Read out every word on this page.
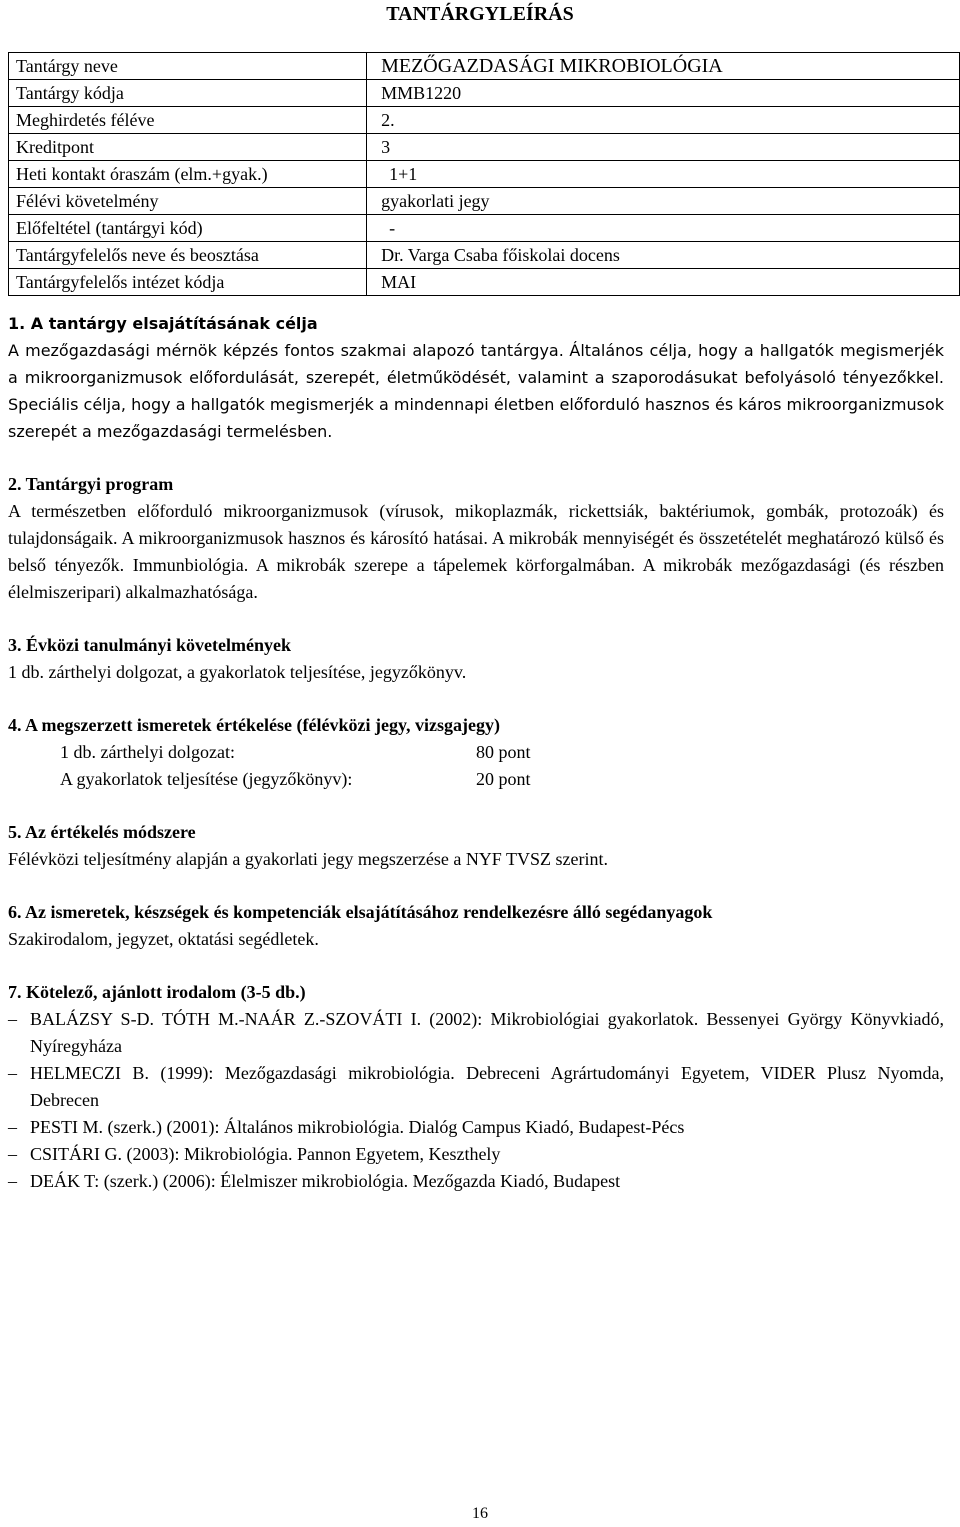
TANTÁRGYLEÍRÁS
Tantárgy neve	MEZŐGAZDASÁGI MIKROBIOLÓGIA
Tantárgy kódja	MMB1220
Meghirdetés féléve	2.
Kreditpont	3
Heti kontakt óraszám (elm.+gyak.)	1+1
Félévi követelmény	gyakorlati jegy
Előfeltétel (tantárgyi kód)	-
Tantárgyfelelős neve és beosztása	Dr. Varga Csaba főiskolai docens
Tantárgyfelelős intézet kódja	MAI
1. A tantárgy elsajátításának célja

A mezőgazdasági mérnök képzés fontos szakmai alapozó tantárgya. Általános célja, hogy a hallgatók megismerjék a mikroorganizmusok előfordulását, szerepét, életműködését, valamint a szaporodásukat befolyásoló tényezőkkel. Speciális célja, hogy a hallgatók megismerjék a mindennapi életben előforduló hasznos és káros mikroorganizmusok szerepét a mezőgazdasági termelésben.

2. Tantárgyi program

A természetben előforduló mikroorganizmusok (vírusok, mikoplazmák, rickettsiák, baktériumok, gombák, protozoák) és tulajdonságaik. A mikroorganizmusok hasznos és károsító hatásai. A mikrobák mennyiségét és összetételét meghatározó külső és belső tényezők. Immunbiológia. A mikrobák szerepe a tápelemek körforgalmában. A mikrobák mezőgazdasági (és részben élelmiszeripari) alkalmazhatósága.

3. Évközi tanulmányi követelmények

1 db. zárthelyi dolgozat, a gyakorlatok teljesítése, jegyzőkönyv.

4. A megszerzett ismeretek értékelése (félévközi jegy, vizsgajegy)
1 db. zárthelyi dolgozat:	80 pont
A gyakorlatok teljesítése (jegyzőkönyv):	20 pont
5. Az értékelés módszere

Félévközi teljesítmény alapján a gyakorlati jegy megszerzése a NYF TVSZ szerint.

6. Az ismeretek, készségek és kompetenciák elsajátításához rendelkezésre álló segédanyagok

Szakirodalom, jegyzet, oktatási segédletek.

7. Kötelező, ajánlott irodalom (3-5 db.)
– BALÁZSY S-D. TÓTH M.-NAÁR Z.-SZOVÁTI I. (2002): Mikrobiológiai gyakorlatok. Bessenyei György Könyvkiadó, Nyíregyháza
– HELMECZI B. (1999): Mezőgazdasági mikrobiológia. Debreceni Agrártudományi Egyetem, VIDER Plusz Nyomda, Debrecen
– PESTI M. (szerk.) (2001): Általános mikrobiológia. Dialóg Campus Kiadó, Budapest-Pécs
– CSITÁRI G. (2003): Mikrobiológia. Pannon Egyetem, Keszthely
– DEÁK T: (szerk.) (2006): Élelmiszer mikrobiológia. Mezőgazda Kiadó, Budapest
16
